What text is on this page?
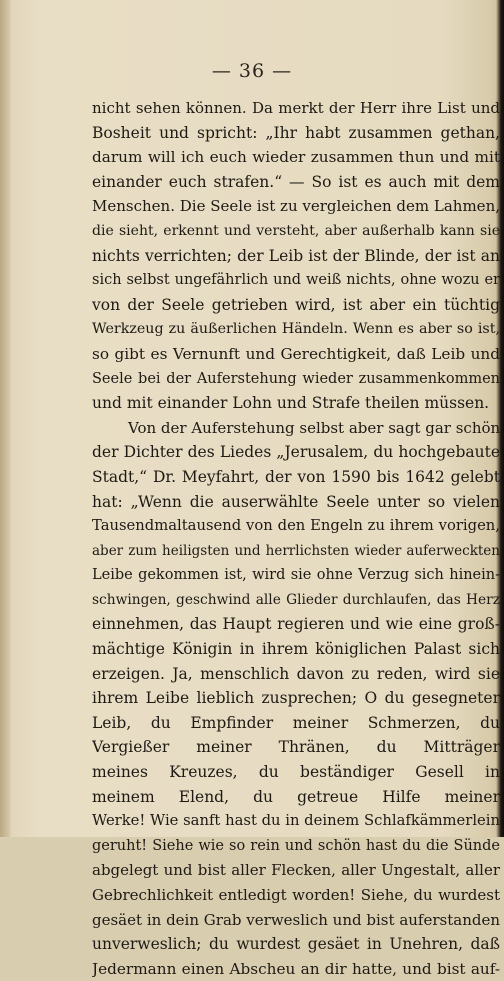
— 36 —
nicht sehen können. Da merkt der Herr ihre List und
Bosheit und spricht: „Ihr habt zusammen gethan,
darum will ich euch wieder zusammen thun und mit
einander euch strafen.“ — So ist es auch mit dem
Menschen. Die Seele ist zu vergleichen dem Lahmen,
die sieht, erkennt und versteht, aber außerhalb kann sie
nichts verrichten; der Leib ist der Blinde, der ist an
sich selbst ungefährlich und weiß nichts, ohne wozu er
von der Seele getrieben wird, ist aber ein tüchtig
Werkzeug zu äußerlichen Händeln. Wenn es aber so ist,
so gibt es Vernunft und Gerechtigkeit, daß Leib und
Seele bei der Auferstehung wieder zusammenkommen
und mit einander Lohn und Strafe theilen müssen.
Von der Auferstehung selbst aber sagt gar schön
der Dichter des Liedes „Jerusalem, du hochgebaute
Stadt,“ Dr. Meyfahrt, der von 1590 bis 1642 gelebt
hat: „Wenn die auserwählte Seele unter so vielen
Tausendmaltausend von den Engeln zu ihrem vorigen,
aber zum heiligsten und herrlichsten wieder auferweckten
Leibe gekommen ist, wird sie ohne Verzug sich hinein-
schwingen, geschwind alle Glieder durchlaufen, das Herz
einnehmen, das Haupt regieren und wie eine groß-
mächtige Königin in ihrem königlichen Palast sich
erzeigen. Ja, menschlich davon zu reden, wird sie
ihrem Leibe lieblich zusprechen; O du gesegneter
Leib, du Empfinder meiner Schmerzen, du
Vergießer meiner Thränen, du Mitträger
meines Kreuzes, du beständiger Gesell in
meinem Elend, du getreue Hilfe meiner
Werke! Wie sanft hast du in deinem Schlafkämmerlein
geruht! Siehe wie so rein und schön hast du die Sünde
abgelegt und bist aller Flecken, aller Ungestalt, aller
Gebrechlichkeit entledigt worden! Siehe, du wurdest
gesäet in dein Grab verweslich und bist auferstanden
unverweslich; du wurdest gesäet in Unehren, daß
Jedermann einen Abscheu an dir hatte, und bist auf-
